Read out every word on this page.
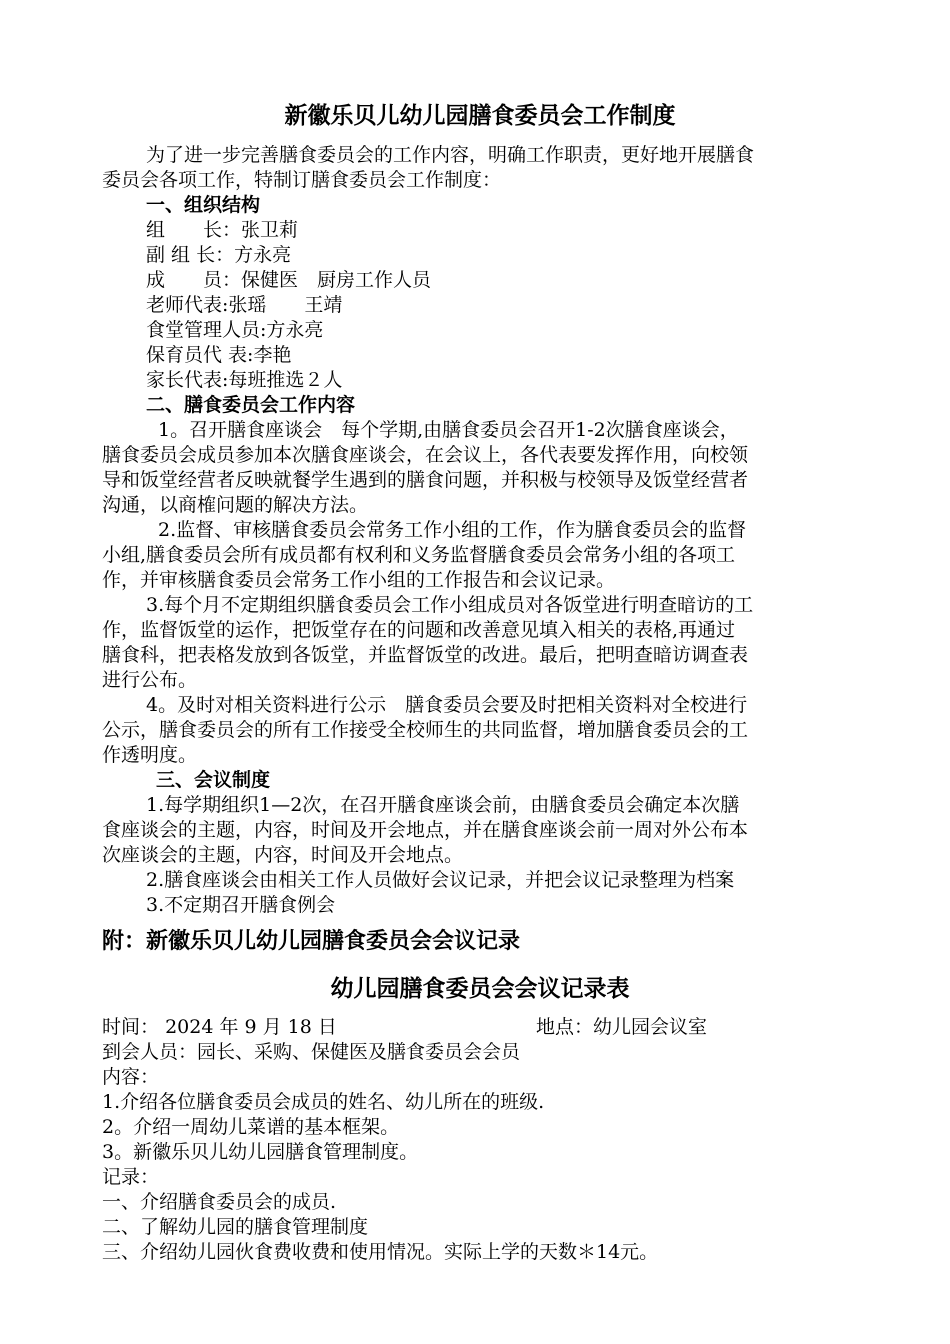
新徽乐贝儿幼儿园膳食委员会工作制度
为了进一步完善膳食委员会的工作内容，明确工作职责，更好地开展膳食
委员会各项工作，特制订膳食委员会工作制度：
一、组织结构
组　　长：张卫莉
副 组 长：方永亮
成　　员：保健医　厨房工作人员
老师代表:张瑶　　王靖
食堂管理人员:方永亮
保育员代 表:李艳
家长代表:每班推选２人
二、膳食委员会工作内容
1。召开膳食座谈会　每个学期,由膳食委员会召开1-2次膳食座谈会，
膳食委员会成员参加本次膳食座谈会，在会议上，各代表要发挥作用，向校领
导和饭堂经营者反映就餐学生遇到的膳食问题，并积极与校领导及饭堂经营者
沟通，以商榷问题的解决方法。
2.监督、审核膳食委员会常务工作小组的工作，作为膳食委员会的监督
小组,膳食委员会所有成员都有权利和义务监督膳食委员会常务小组的各项工
作，并审核膳食委员会常务工作小组的工作报告和会议记录。
3.每个月不定期组织膳食委员会工作小组成员对各饭堂进行明查暗访的工
作，监督饭堂的运作，把饭堂存在的问题和改善意见填入相关的表格,再通过
膳食科，把表格发放到各饭堂，并监督饭堂的改进。最后，把明查暗访调查表
进行公布。
4。及时对相关资料进行公示　膳食委员会要及时把相关资料对全校进行
公示，膳食委员会的所有工作接受全校师生的共同监督，增加膳食委员会的工
作透明度。
三、会议制度
1.每学期组织1—2次，在召开膳食座谈会前，由膳食委员会确定本次膳
食座谈会的主题，内容，时间及开会地点，并在膳食座谈会前一周对外公布本
次座谈会的主题，内容，时间及开会地点。
2.膳食座谈会由相关工作人员做好会议记录，并把会议记录整理为档案
3.不定期召开膳食例会
附：新徽乐贝儿幼儿园膳食委员会会议记录
幼儿园膳食委员会会议记录表
时间： 2024 年 9 月 18 日	地点：幼儿园会议室
到会人员：园长、采购、保健医及膳食委员会会员
内容：
1.介绍各位膳食委员会成员的姓名、幼儿所在的班级.
2。介绍一周幼儿菜谱的基本框架。
3。新徽乐贝儿幼儿园膳食管理制度。
记录：
一、介绍膳食委员会的成员.
二、了解幼儿园的膳食管理制度
三、介绍幼儿园伙食费收费和使用情况。实际上学的天数＊14元。
